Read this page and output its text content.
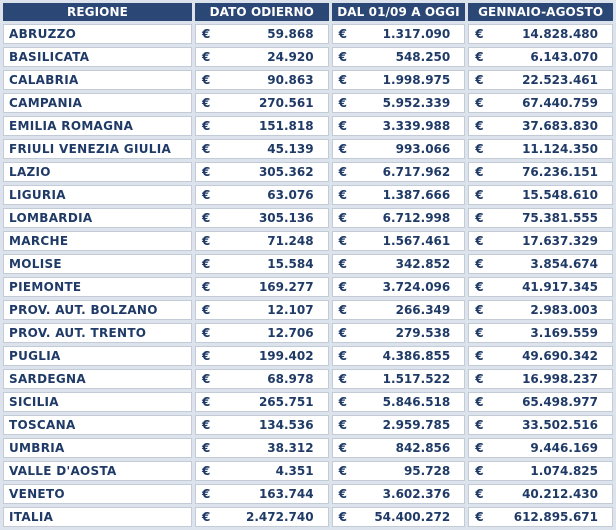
REGIONE	DATO ODIERNO	DAL 01/09 A OGGI	GENNAIO-AGOSTO
ABRUZZO	€ 59.868	€ 1.317.090	€ 14.828.480
BASILICATA	€ 24.920	€ 548.250	€ 6.143.070
CALABRIA	€ 90.863	€ 1.998.975	€ 22.523.461
CAMPANIA	€ 270.561	€ 5.952.339	€ 67.440.759
EMILIA ROMAGNA	€ 151.818	€ 3.339.988	€ 37.683.830
FRIULI VENEZIA GIULIA	€ 45.139	€ 993.066	€ 11.124.350
LAZIO	€ 305.362	€ 6.717.962	€ 76.236.151
LIGURIA	€ 63.076	€ 1.387.666	€ 15.548.610
LOMBARDIA	€ 305.136	€ 6.712.998	€ 75.381.555
MARCHE	€ 71.248	€ 1.567.461	€ 17.637.329
MOLISE	€ 15.584	€ 342.852	€ 3.854.674
PIEMONTE	€ 169.277	€ 3.724.096	€ 41.917.345
PROV. AUT. BOLZANO	€ 12.107	€ 266.349	€ 2.983.003
PROV. AUT. TRENTO	€ 12.706	€ 279.538	€ 3.169.559
PUGLIA	€ 199.402	€ 4.386.855	€ 49.690.342
SARDEGNA	€ 68.978	€ 1.517.522	€ 16.998.237
SICILIA	€ 265.751	€ 5.846.518	€ 65.498.977
TOSCANA	€ 134.536	€ 2.959.785	€ 33.502.516
UMBRIA	€ 38.312	€ 842.856	€ 9.446.169
VALLE D'AOSTA	€ 4.351	€ 95.728	€ 1.074.825
VENETO	€ 163.744	€ 3.602.376	€ 40.212.430
ITALIA	€ 2.472.740	€ 54.400.272	€ 612.895.671
